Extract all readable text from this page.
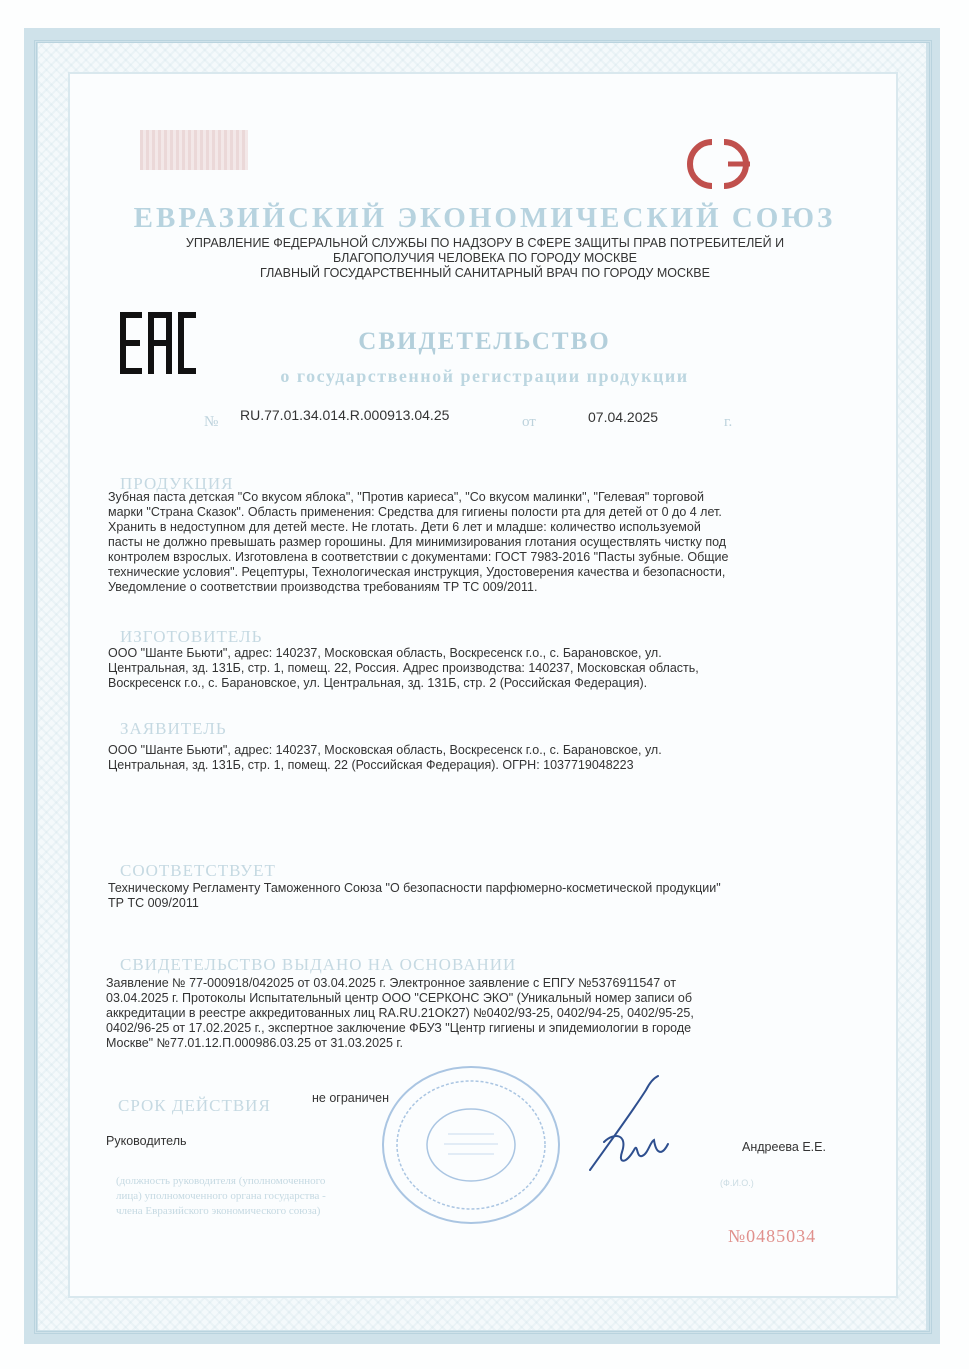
ЕВРАЗИЙСКИЙ ЭКОНОМИЧЕСКИЙ СОЮЗ
УПРАВЛЕНИЕ ФЕДЕРАЛЬНОЙ СЛУЖБЫ ПО НАДЗОРУ В СФЕРЕ ЗАЩИТЫ ПРАВ ПОТРЕБИТЕЛЕЙ И
БЛАГОПОЛУЧИЯ ЧЕЛОВЕКА ПО ГОРОДУ МОСКВЕ
ГЛАВНЫЙ ГОСУДАРСТВЕННЫЙ САНИТАРНЫЙ ВРАЧ ПО ГОРОДУ МОСКВЕ
СВИДЕТЕЛЬСТВО
о государственной регистрации продукции
№ RU.77.01.34.014.R.000913.04.25	от	07.04.2025	г.
ПРОДУКЦИЯ
Зубная паста детская "Со вкусом яблока", "Против кариеса", "Со вкусом малинки", "Гелевая" торговой
марки "Страна Сказок". Область применения: Средства для гигиены полости рта для детей от 0 до 4 лет.
Хранить в недоступном для детей месте. Не глотать. Дети 6 лет и младше: количество используемой
пасты не должно превышать размер горошины. Для минимизирования глотания осуществлять чистку под
контролем взрослых. Изготовлена в соответствии с документами: ГОСТ 7983-2016 "Пасты зубные. Общие
технические условия". Рецептуры, Технологическая инструкция, Удостоверения качества и безопасности,
Уведомление о соответствии производства требованиям ТР ТС 009/2011.
ИЗГОТОВИТЕЛЬ
ООО "Шанте Бьюти", адрес: 140237, Московская область, Воскресенск г.о., с. Барановское, ул.
Центральная, зд. 131Б, стр. 1, помещ. 22, Россия. Адрес производства: 140237, Московская область,
Воскресенск г.о., с. Барановское, ул. Центральная, зд. 131Б, стр. 2 (Российская Федерация).
ЗАЯВИТЕЛЬ
ООО "Шанте Бьюти", адрес: 140237, Московская область, Воскресенск г.о., с. Барановское, ул.
Центральная, зд. 131Б, стр. 1, помещ. 22 (Российская Федерация). ОГРН: 1037719048223
СООТВЕТСТВУЕТ
Техническому Регламенту Таможенного Союза "О безопасности парфюмерно-косметической продукции"
ТР ТС 009/2011
СВИДЕТЕЛЬСТВО ВЫДАНО НА ОСНОВАНИИ
Заявление № 77-000918/042025 от 03.04.2025 г. Электронное заявление с ЕПГУ №5376911547 от
03.04.2025 г. Протоколы Испытательный центр ООО "СЕРКОНС ЭКО" (Уникальный номер записи об
аккредитации в реестре аккредитованных лиц RA.RU.21ОК27) №0402/93-25, 0402/94-25, 0402/95-25,
0402/96-25 от 17.02.2025 г., экспертное заключение ФБУЗ "Центр гигиены и эпидемиологии в городе
Москве" №77.01.12.П.000986.03.25 от 31.03.2025 г.
СРОК ДЕЙСТВИЯ	не ограничен
Руководитель	Андреева Е.Е.
(должность руководителя (уполномоченного
лица) уполномоченного органа государства -
члена Евразийского экономического союза)
(Ф.И.О.)
№0485034
